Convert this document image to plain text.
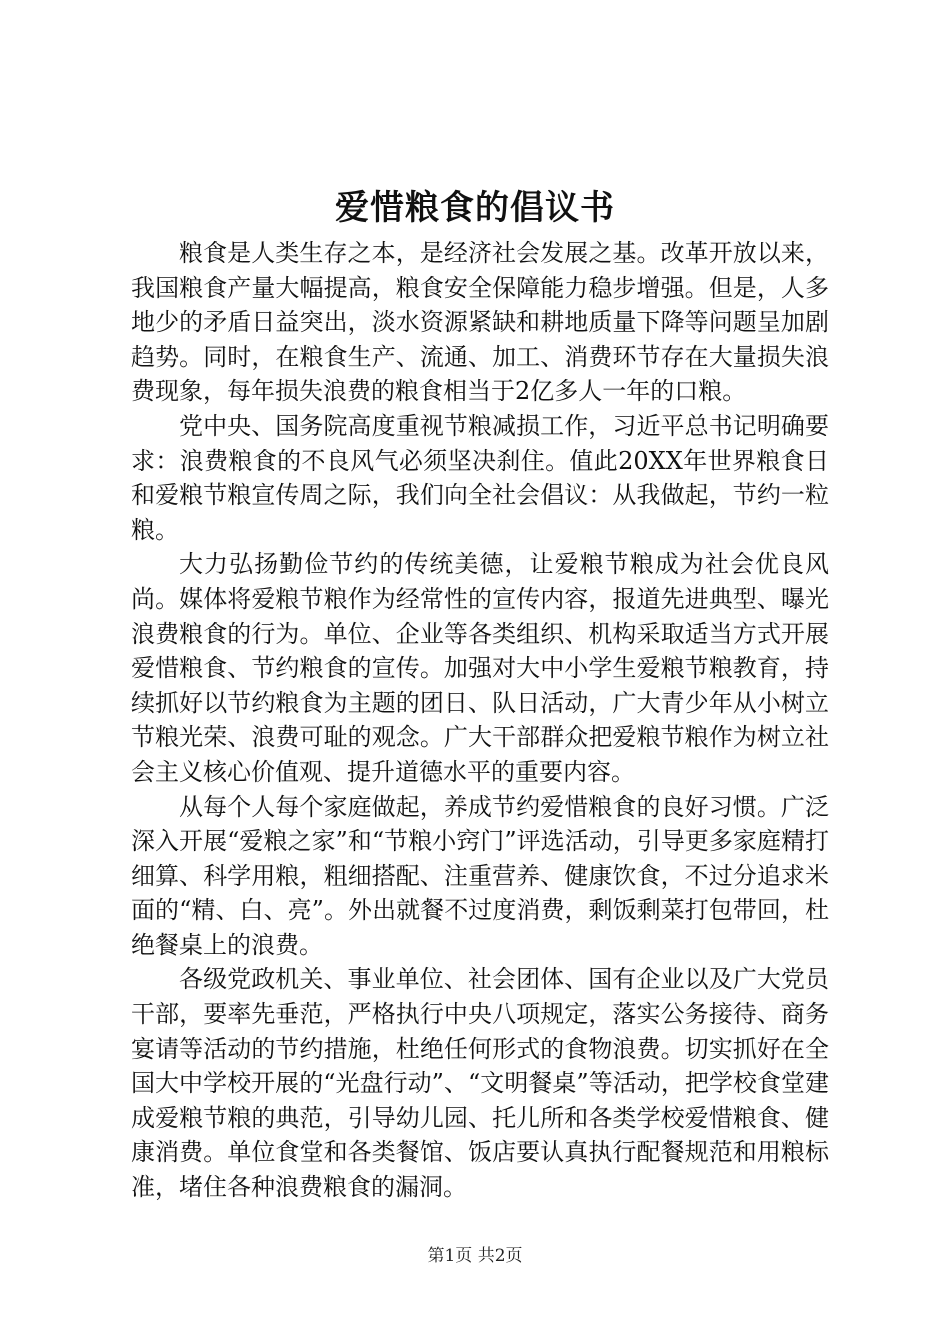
爱惜粮食的倡议书

粮食是人类生存之本，是经济社会发展之基。改革开放以来，我国粮食产量大幅提高，粮食安全保障能力稳步增强。但是，人多地少的矛盾日益突出，淡水资源紧缺和耕地质量下降等问题呈加剧趋势。同时，在粮食生产、流通、加工、消费环节存在大量损失浪费现象，每年损失浪费的粮食相当于2亿多人一年的口粮。

党中央、国务院高度重视节粮减损工作，习近平总书记明确要求：浪费粮食的不良风气必须坚决刹住。值此20XX年世界粮食日和爱粮节粮宣传周之际，我们向全社会倡议：从我做起，节约一粒粮。

大力弘扬勤俭节约的传统美德，让爱粮节粮成为社会优良风尚。媒体将爱粮节粮作为经常性的宣传内容，报道先进典型、曝光浪费粮食的行为。单位、企业等各类组织、机构采取适当方式开展爱惜粮食、节约粮食的宣传。加强对大中小学生爱粮节粮教育，持续抓好以节约粮食为主题的团日、队日活动，广大青少年从小树立节粮光荣、浪费可耻的观念。广大干部群众把爱粮节粮作为树立社会主义核心价值观、提升道德水平的重要内容。

从每个人每个家庭做起，养成节约爱惜粮食的良好习惯。广泛深入开展“爱粮之家”和“节粮小窍门”评选活动，引导更多家庭精打细算、科学用粮，粗细搭配、注重营养、健康饮食，不过分追求米面的“精、白、亮”。外出就餐不过度消费，剩饭剩菜打包带回，杜绝餐桌上的浪费。

各级党政机关、事业单位、社会团体、国有企业以及广大党员干部，要率先垂范，严格执行中央八项规定，落实公务接待、商务宴请等活动的节约措施，杜绝任何形式的食物浪费。切实抓好在全国大中学校开展的“光盘行动”、“文明餐桌”等活动，把学校食堂建成爱粮节粮的典范，引导幼儿园、托儿所和各类学校爱惜粮食、健康消费。单位食堂和各类餐馆、饭店要认真执行配餐规范和用粮标准，堵住各种浪费粮食的漏洞。

第1页 共2页
